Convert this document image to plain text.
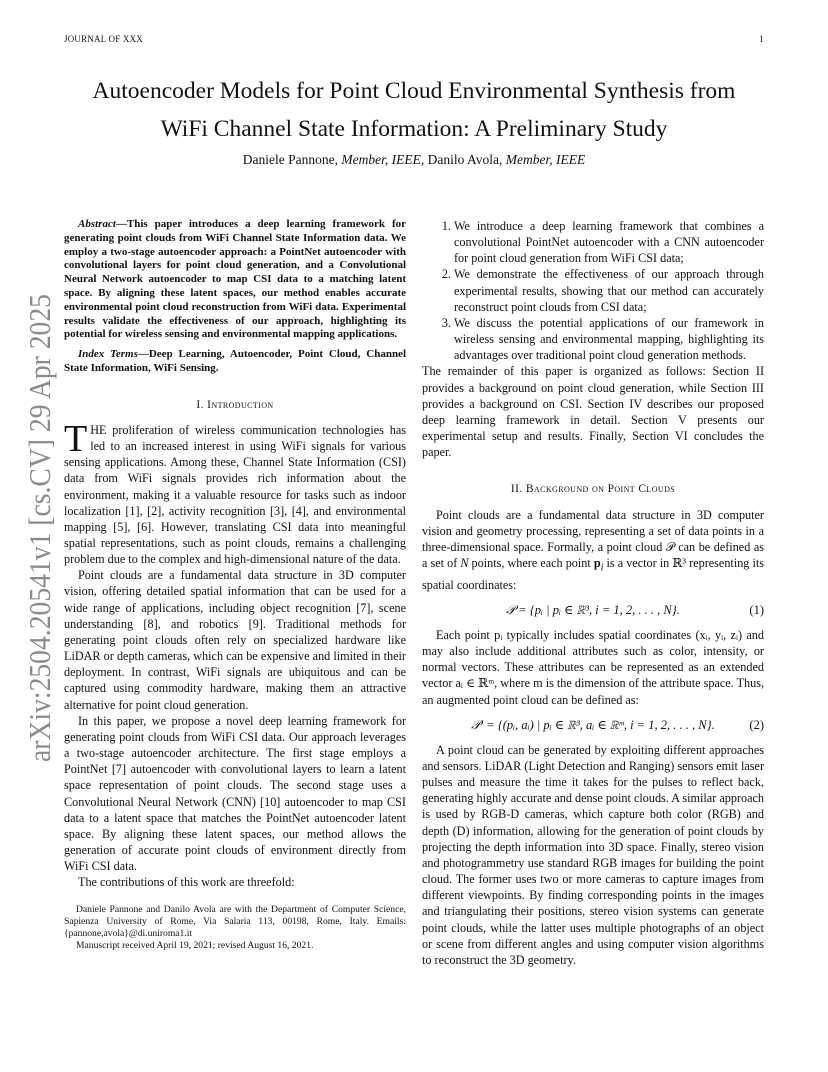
JOURNAL OF XXX	1
arXiv:2504.20541v1 [cs.CV] 29 Apr 2025
Autoencoder Models for Point Cloud Environmental Synthesis from
WiFi Channel State Information: A Preliminary Study
Daniele Pannone, Member, IEEE, Danilo Avola, Member, IEEE

Abstract—This paper introduces a deep learning framework for generating point clouds from WiFi Channel State Information data. We employ a two-stage autoencoder approach: a PointNet autoencoder with convolutional layers for point cloud generation, and a Convolutional Neural Network autoencoder to map CSI data to a matching latent space. By aligning these latent spaces, our method enables accurate environmental point cloud reconstruction from WiFi data. Experimental results validate the effectiveness of our approach, highlighting its potential for wireless sensing and environmental mapping applications.

Index Terms—Deep Learning, Autoencoder, Point Cloud, Channel State Information, WiFi Sensing.

I. Introduction

THE proliferation of wireless communication technologies has led to an increased interest in using WiFi signals for various sensing applications. Among these, Channel State Information (CSI) data from WiFi signals provides rich information about the environment, making it a valuable resource for tasks such as indoor localization [1], [2], activity recognition [3], [4], and environmental mapping [5], [6]. However, translating CSI data into meaningful spatial representations, such as point clouds, remains a challenging problem due to the complex and high-dimensional nature of the data.

Point clouds are a fundamental data structure in 3D computer vision, offering detailed spatial information that can be used for a wide range of applications, including object recognition [7], scene understanding [8], and robotics [9]. Traditional methods for generating point clouds often rely on specialized hardware like LiDAR or depth cameras, which can be expensive and limited in their deployment. In contrast, WiFi signals are ubiquitous and can be captured using commodity hardware, making them an attractive alternative for point cloud generation.

In this paper, we propose a novel deep learning framework for generating point clouds from WiFi CSI data. Our approach leverages a two-stage autoencoder architecture. The first stage employs a PointNet [7] autoencoder with convolutional layers to learn a latent space representation of point clouds. The second stage uses a Convolutional Neural Network (CNN) [10] autoencoder to map CSI data to a latent space that matches the PointNet autoencoder latent space. By aligning these latent spaces, our method allows the generation of accurate point clouds of environment directly from WiFi CSI data.

The contributions of this work are threefold:

Daniele Pannone and Danilo Avola are with the Department of Computer Science, Sapienza University of Rome, Via Salaria 113, 00198, Rome, Italy. Emails: {pannone,avola}@di.uniroma1.it

Manuscript received April 19, 2021; revised August 16, 2021.

1. We introduce a deep learning framework that combines a convolutional PointNet autoencoder with a CNN autoencoder for point cloud generation from WiFi CSI data;
2. We demonstrate the effectiveness of our approach through experimental results, showing that our method can accurately reconstruct point clouds from CSI data;
3. We discuss the potential applications of our framework in wireless sensing and environmental mapping, highlighting its advantages over traditional point cloud generation methods.

The remainder of this paper is organized as follows: Section II provides a background on point cloud generation, while Section III provides a background on CSI. Section IV describes our proposed deep learning framework in detail. Section V presents our experimental setup and results. Finally, Section VI concludes the paper.

II. Background on Point Clouds

Point clouds are a fundamental data structure in 3D computer vision and geometry processing, representing a set of data points in a three-dimensional space. Formally, a point cloud 𝒫 can be defined as a set of N points, where each point $p_i$ is a vector in ℝ³ representing its spatial coordinates:

𝒫 = {pᵢ | pᵢ ∈ ℝ³, i = 1, 2, . . . , N}.	(1)

Each point pᵢ typically includes spatial coordinates (xᵢ, yᵢ, zᵢ) and may also include additional attributes such as color, intensity, or normal vectors. These attributes can be represented as an extended vector aᵢ ∈ ℝᵐ, where m is the dimension of the attribute space. Thus, an augmented point cloud can be defined as:

𝒫′ = {(pᵢ, aᵢ) | pᵢ ∈ ℝ³, aᵢ ∈ ℝᵐ, i = 1, 2, . . . , N}.	(2)

A point cloud can be generated by exploiting different approaches and sensors. LiDAR (Light Detection and Ranging) sensors emit laser pulses and measure the time it takes for the pulses to reflect back, generating highly accurate and dense point clouds. A similar approach is used by RGB-D cameras, which capture both color (RGB) and depth (D) information, allowing for the generation of point clouds by projecting the depth information into 3D space. Finally, stereo vision and photogrammetry use standard RGB images for building the point cloud. The former uses two or more cameras to capture images from different viewpoints. By finding corresponding points in the images and triangulating their positions, stereo vision systems can generate point clouds, while the latter uses multiple photographs of an object or scene from different angles and using computer vision algorithms to reconstruct the 3D geometry.
